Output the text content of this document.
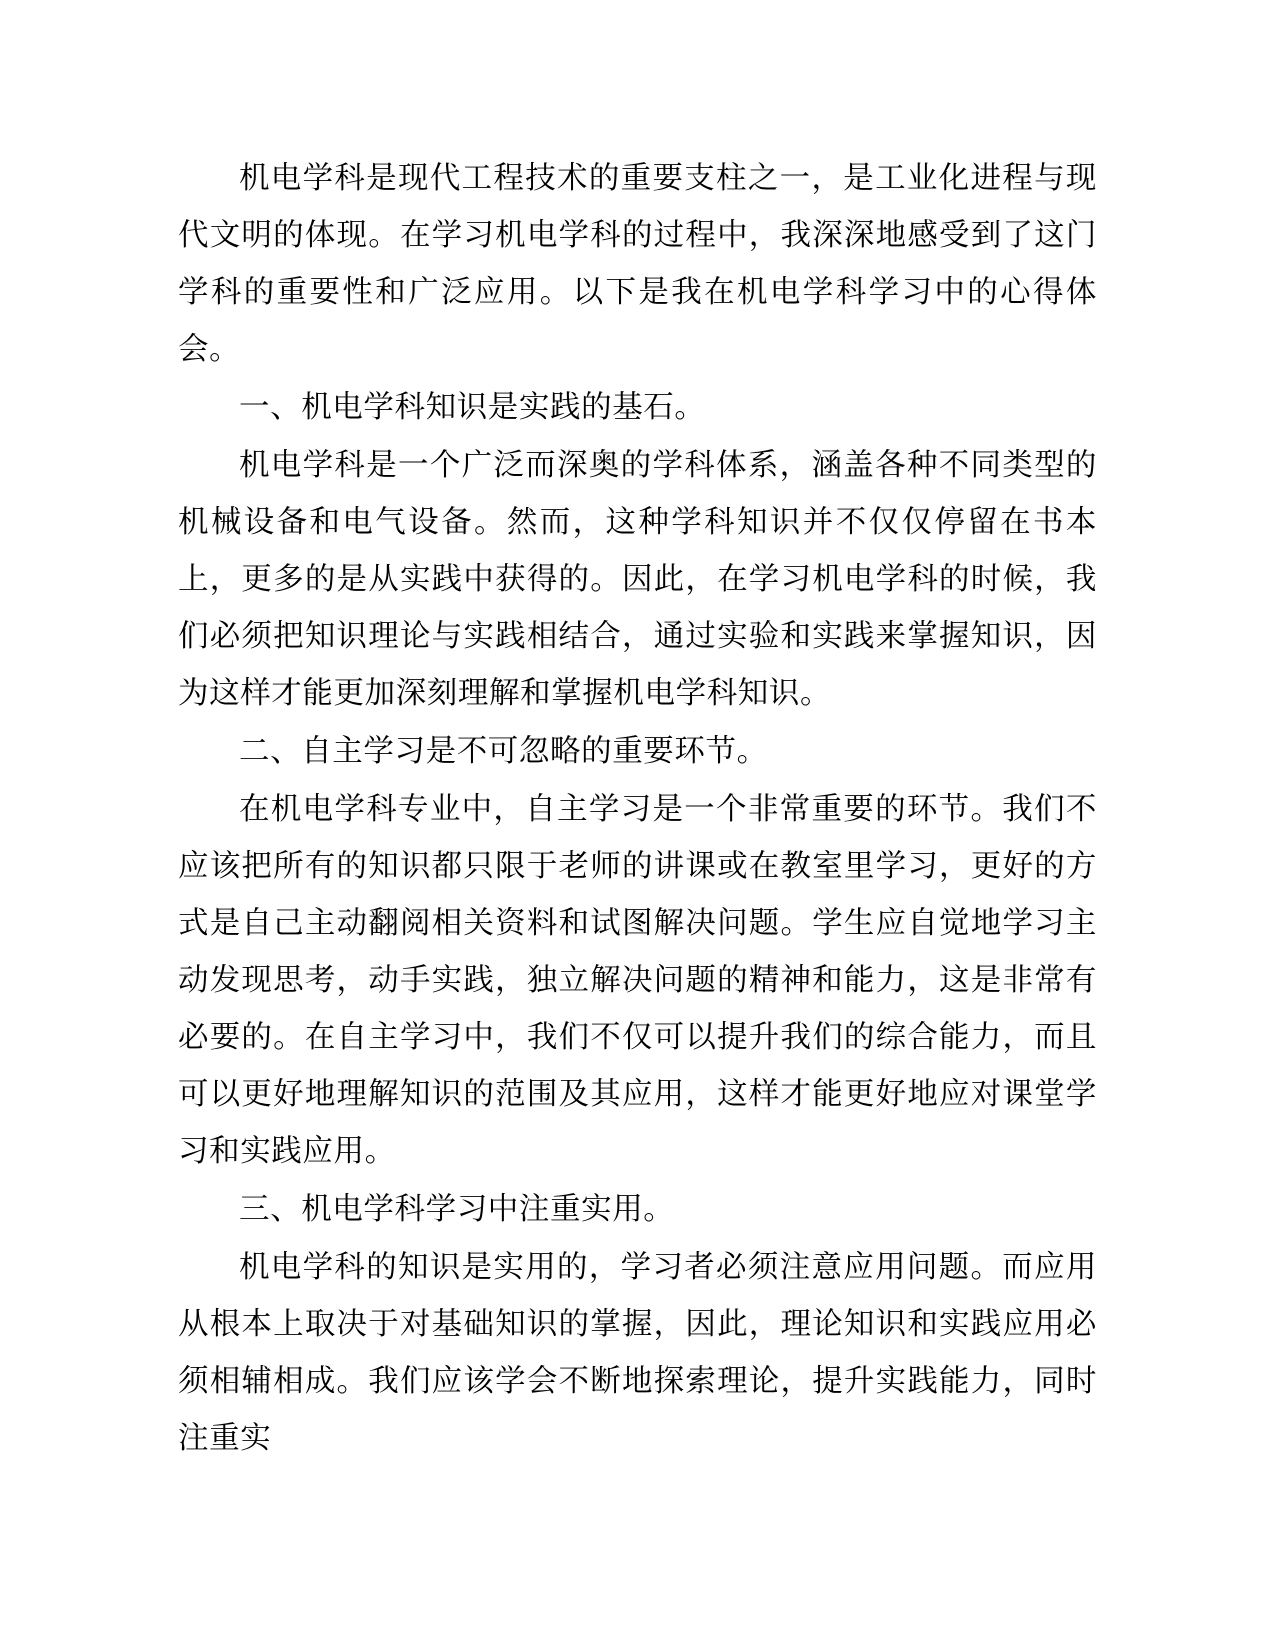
机电学科是现代工程技术的重要支柱之一，是工业化进程与现代文明的体现。在学习机电学科的过程中，我深深地感受到了这门学科的重要性和广泛应用。以下是我在机电学科学习中的心得体会。

一、机电学科知识是实践的基石。

机电学科是一个广泛而深奥的学科体系，涵盖各种不同类型的机械设备和电气设备。然而，这种学科知识并不仅仅停留在书本上，更多的是从实践中获得的。因此，在学习机电学科的时候，我们必须把知识理论与实践相结合，通过实验和实践来掌握知识，因为这样才能更加深刻理解和掌握机电学科知识。

二、自主学习是不可忽略的重要环节。

在机电学科专业中，自主学习是一个非常重要的环节。我们不应该把所有的知识都只限于老师的讲课或在教室里学习，更好的方式是自己主动翻阅相关资料和试图解决问题。学生应自觉地学习主动发现思考，动手实践，独立解决问题的精神和能力，这是非常有必要的。在自主学习中，我们不仅可以提升我们的综合能力，而且可以更好地理解知识的范围及其应用，这样才能更好地应对课堂学习和实践应用。

三、机电学科学习中注重实用。

机电学科的知识是实用的，学习者必须注意应用问题。而应用从根本上取决于对基础知识的掌握，因此，理论知识和实践应用必须相辅相成。我们应该学会不断地探索理论，提升实践能力，同时注重实
